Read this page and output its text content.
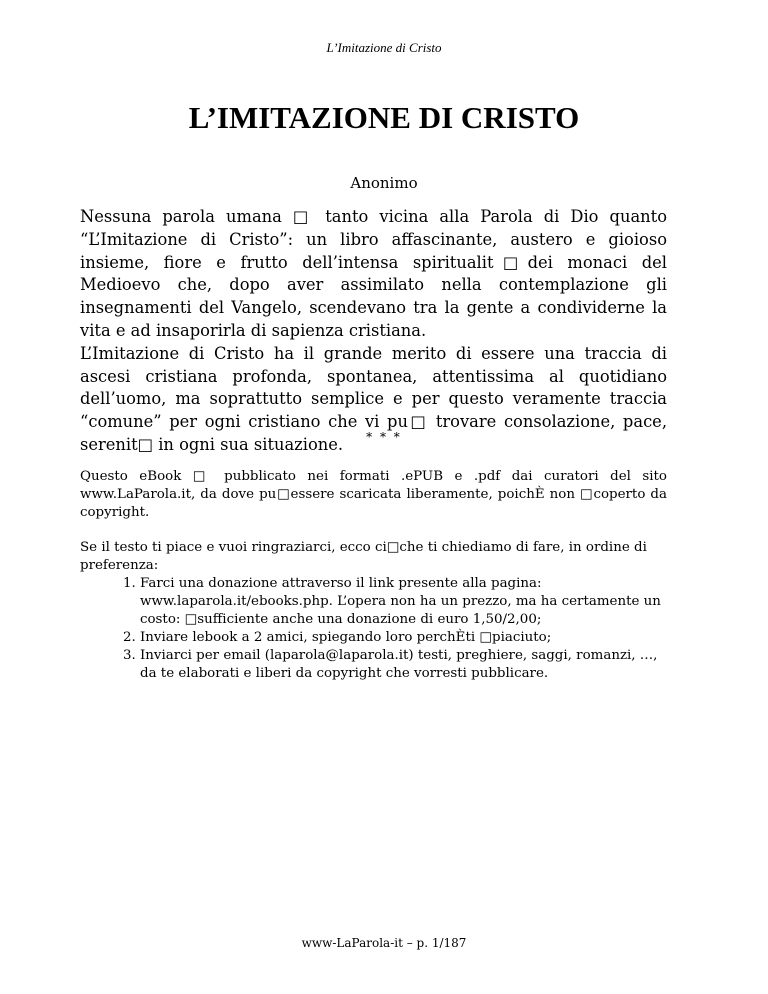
L’Imitazione di Cristo
L’IMITAZIONE DI CRISTO
Anonimo

Nessuna parola umana □ tanto vicina alla Parola di Dio quanto “L’Imitazione di Cristo”: un libro affascinante, austero e gioioso insieme, fiore e frutto dell’intensa spiritualit□dei monaci del Medioevo che, dopo aver assimilato nella contemplazione gli insegnamenti del Vangelo, scendevano tra la gente a condividerne la vita e ad insaporirla di sapienza cristiana.

L’Imitazione di Cristo ha il grande merito di essere una traccia di ascesi cristiana profonda, spontanea, attentissima al quotidiano dell’uomo, ma soprattutto semplice e per questo veramente traccia “comune” per ogni cristiano che vi pu□ trovare consolazione, pace, serenit□ in ogni sua situazione.	* * *

Questo eBook □ pubblicato nei formati .ePUB e .pdf dai curatori del sito www.LaParola.it, da dove pu□essere scaricata liberamente, poichÈ non □coperto da copyright.

Se il testo ti piace e vuoi ringraziarci, ecco ci□che ti chiediamo di fare, in ordine di preferenza:

1. Farci una donazione attraverso il link presente alla pagina: www.laparola.it/ebooks.php. L’opera non ha un prezzo, ma ha certamente un costo: □sufficiente anche una donazione di euro 1,50/2,00;
2. Inviare lebook a 2 amici, spiegando loro perchÈti □piaciuto;
3. Inviarci per email (laparola@laparola.it) testi, preghiere, saggi, romanzi, …, da te elaborati e liberi da copyright che vorresti pubblicare.
www-LaParola-it – p. 1/187
